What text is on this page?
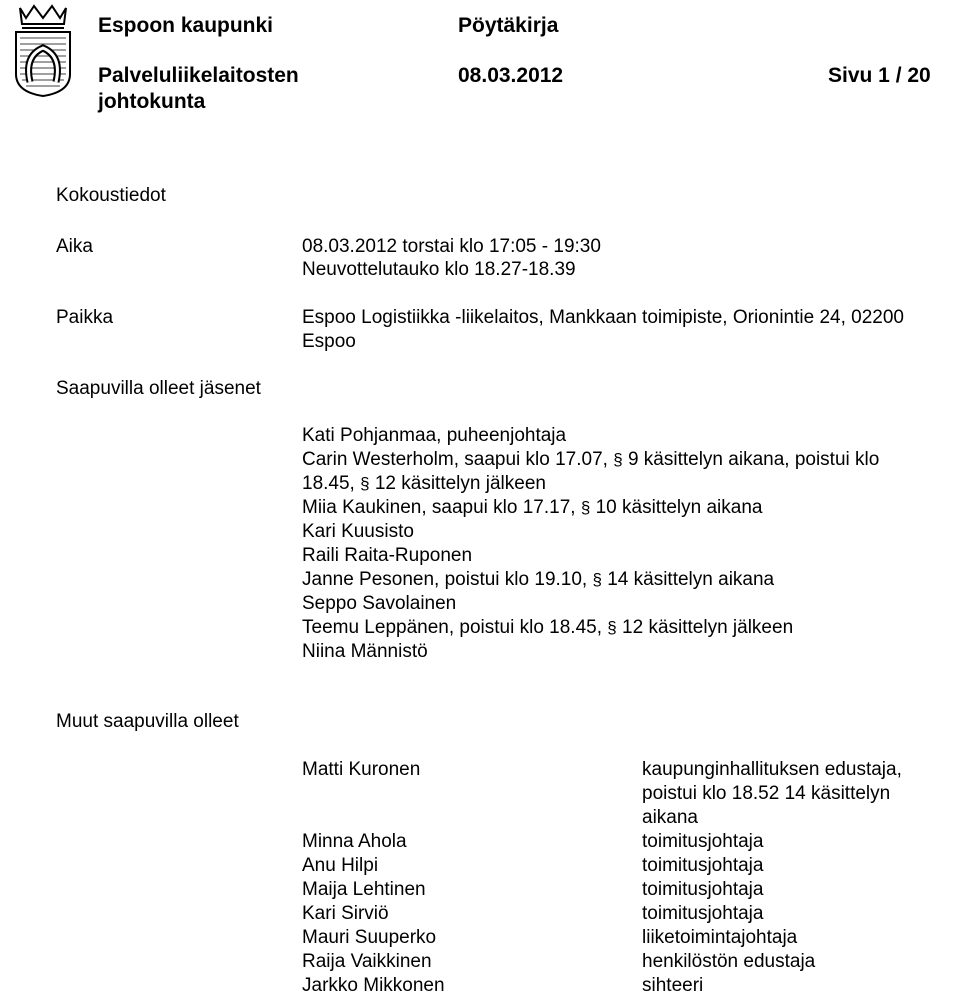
Espoon kaupunki	Pöytäkirja
Palveluliikelaitosten
johtokunta
08.03.2012	Sivu 1 / 20
Kokoustiedot
Aika	08.03.2012 torstai klo 17:05 - 19:30
Neuvottelutauko klo 18.27-18.39
Paikka	Espoo Logistiikka -liikelaitos, Mankkaan toimipiste, Orionintie 24, 02200
Espoo
Saapuvilla olleet jäsenet
Kati Pohjanmaa, puheenjohtaja
Carin Westerholm, saapui klo 17.07, § 9 käsittelyn aikana, poistui klo
18.45, § 12 käsittelyn jälkeen
Miia Kaukinen, saapui klo 17.17, § 10 käsittelyn aikana
Kari Kuusisto
Raili Raita-Ruponen
Janne Pesonen, poistui klo 19.10, § 14 käsittelyn aikana
Seppo Savolainen
Teemu Leppänen, poistui klo 18.45, § 12 käsittelyn jälkeen
Niina Männistö
Muut saapuvilla olleet
Matti Kuronen	kaupunginhallituksen edustaja,
poistui klo 18.52 14 käsittelyn
aikana
Minna Ahola	toimitusjohtaja
Anu Hilpi	toimitusjohtaja
Maija Lehtinen	toimitusjohtaja
Kari Sirviö	toimitusjohtaja
Mauri Suuperko	liiketoimintajohtaja
Raija Vaikkinen	henkilöstön edustaja
Jarkko Mikkonen	sihteeri
